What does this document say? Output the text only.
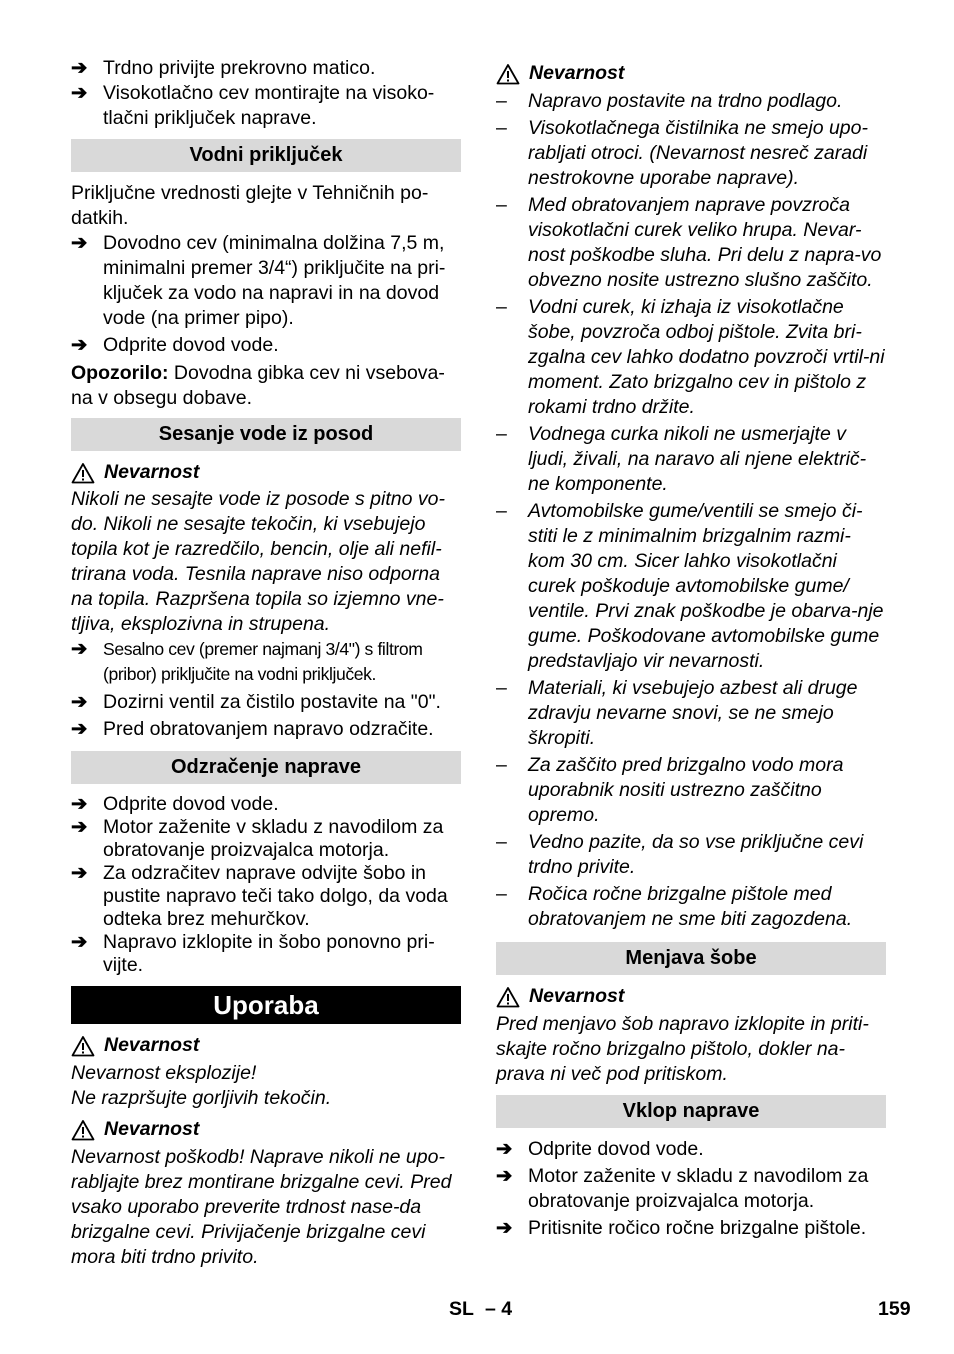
➔ Trdno privijte prekrovno matico.
➔ Visokotlačno cev montirajte na visoko-tlačni priključek naprave.
Vodni priključek
Priključne vrednosti glejte v Tehničnih po-datkih.
➔ Dovodno cev (minimalna dolžina 7,5 m, minimalni premer 3/4“) priključite na pri-ključek za vodo na napravi in na dovod vode (na primer pipo).
➔ Odprite dovod vode.
Opozorilo: Dovodna gibka cev ni vsebova-na v obsegu dobave.
Sesanje vode iz posod
Nevarnost
Nikoli ne sesajte vode iz posode s pitno vo-do. Nikoli ne sesajte tekočin, ki vsebujejo topila kot je razredčilo, bencin, olje ali nefil-trirana voda. Tesnila naprave niso odporna na topila. Razpršena topila so izjemno vne-tljiva, eksplozivna in strupena.
➔ Sesalno cev (premer najmanj 3/4") s filtrom (pribor) priključite na vodni priključek.
➔ Dozirni ventil za čistilo postavite na "0".
➔ Pred obratovanjem napravo odzračite.
Odzračenje naprave
➔ Odprite dovod vode.
➔ Motor zaženite v skladu z navodilom za obratovanje proizvajalca motorja.
➔ Za odzračitev naprave odvijte šobo in pustite napravo teči tako dolgo, da voda odteka brez mehurčkov.
➔ Napravo izklopite in šobo ponovno pri-vijte.
Uporaba
Nevarnost
Nevarnost eksplozije!
Ne razpršujte gorljivih tekočin.
Nevarnost
Nevarnost poškodb! Naprave nikoli ne upo-rabljajte brez montirane brizgalne cevi. Pred vsako uporabo preverite trdnost nase-da brizgalne cevi. Privijačenje brizgalne cevi mora biti trdno privito.
Nevarnost
–	Napravo postavite na trdno podlago.
–	Visokotlačnega čistilnika ne smejo upo-rabljati otroci. (Nevarnost nesreč zaradi nestrokovne uporabe naprave).
–	Med obratovanjem naprave povzroča visokotlačni curek veliko hrupa. Nevar-nost poškodbe sluha. Pri delu z napra-vo obvezno nosite ustrezno slušno zaščito.
–	Vodni curek, ki izhaja iz visokotlačne šobe, povzroča odboj pištole. Zvita bri-zgalna cev lahko dodatno povzroči vrtil-ni moment. Zato brizgalno cev in pištolo z rokami trdno držite.
–	Vodnega curka nikoli ne usmerjajte v ljudi, živali, na naravo ali njene električ-ne komponente.
–	Avtomobilske gume/ventili se smejo či-stiti le z minimalnim brizgalnim razmi-kom 30 cm. Sicer lahko visokotlačni curek poškoduje avtomobilske gume/ ventile. Prvi znak poškodbe je obarva-nje gume. Poškodovane avtomobilske gume predstavljajo vir nevarnosti.
–	Materiali, ki vsebujejo azbest ali druge zdravju nevarne snovi, se ne smejo škropiti.
–	Za zaščito pred brizgalno vodo mora uporabnik nositi ustrezno zaščitno opremo.
–	Vedno pazite, da so vse priključne cevi trdno privite.
–	Ročica ročne brizgalne pištole med obratovanjem ne sme biti zagozdena.
Menjava šobe
Nevarnost
Pred menjavo šob napravo izklopite in priti-skajte ročno brizgalno pištolo, dokler na-prava ni več pod pritiskom.
Vklop naprave
➔ Odprite dovod vode.
➔ Motor zaženite v skladu z navodilom za obratovanje proizvajalca motorja.
➔ Pritisnite ročico ročne brizgalne pištole.
SL – 4	159
